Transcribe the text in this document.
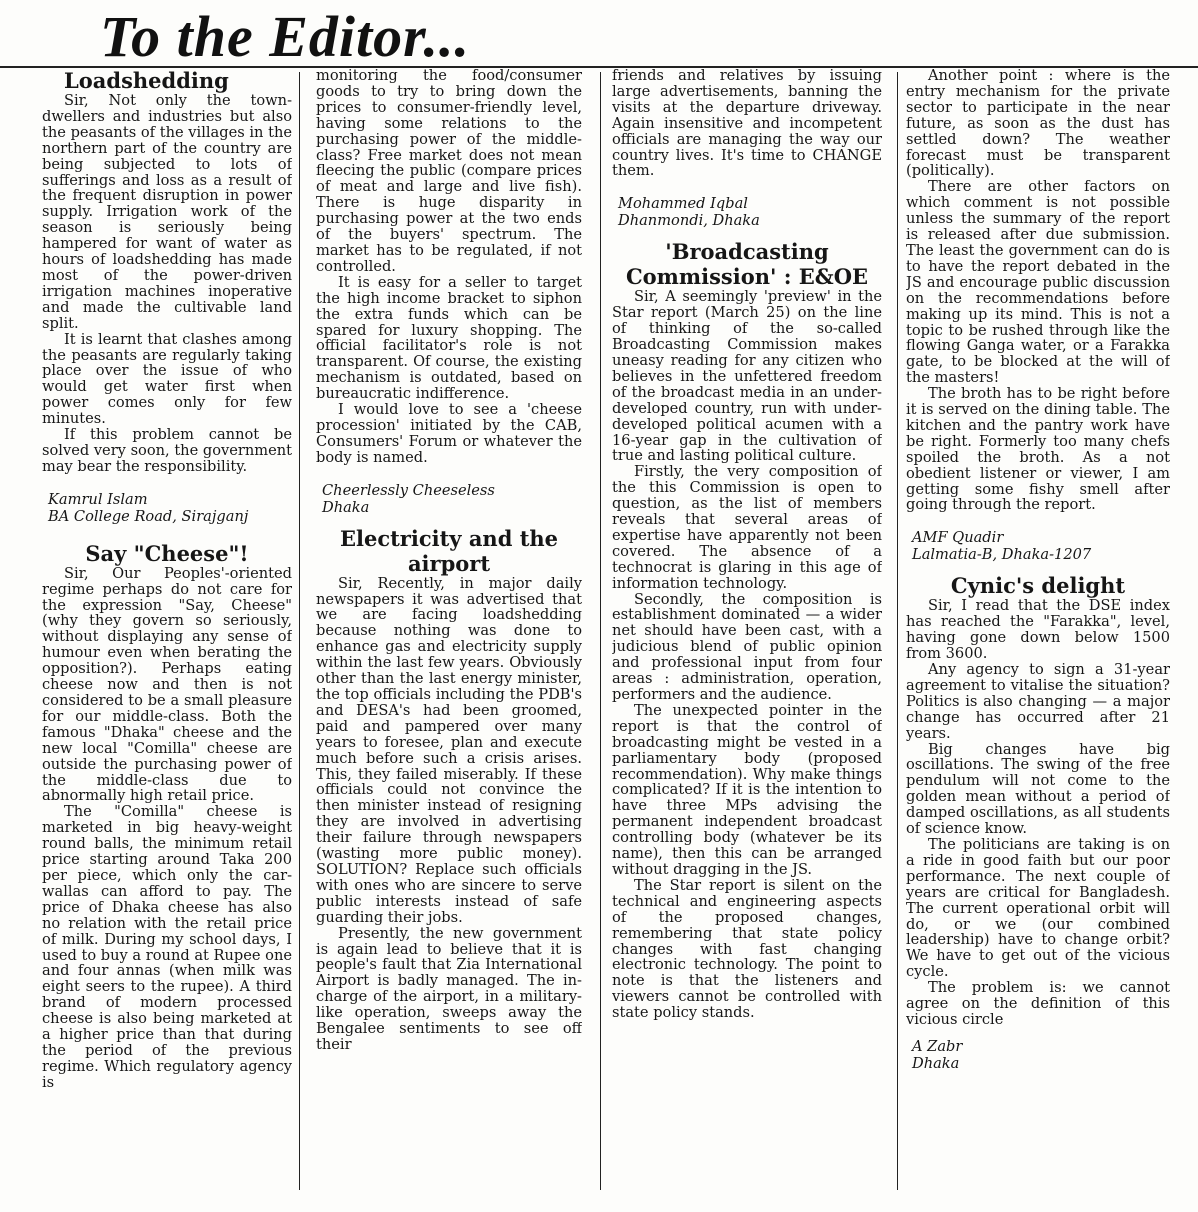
To the Editor...
Loadshedding

Sir, Not only the town-dwellers and industries but also the peasants of the villages in the northern part of the country are being subjected to lots of sufferings and loss as a result of the frequent disruption in power supply. Irrigation work of the season is seriously being hampered for want of water as hours of loadshedding has made most of the power-driven irrigation machines inoperative and made the cultivable land split.

It is learnt that clashes among the peasants are regularly taking place over the issue of who would get water first when power comes only for few minutes.

If this problem cannot be solved very soon, the government may bear the responsibility.

Kamrul Islam

BA College Road, Sirajganj

Say "Cheese"!

Sir, Our Peoples'-oriented regime perhaps do not care for the expression "Say, Cheese" (why they govern so seriously, without displaying any sense of humour even when berating the opposition?). Perhaps eating cheese now and then is not considered to be a small pleasure for our middle-class. Both the famous "Dhaka" cheese and the new local "Comilla" cheese are outside the purchasing power of the middle-class due to abnormally high retail price.

The "Comilla" cheese is marketed in big heavy-weight round balls, the minimum retail price starting around Taka 200 per piece, which only the car-wallas can afford to pay. The price of Dhaka cheese has also no relation with the retail price of milk. During my school days, I used to buy a round at Rupee one and four annas (when milk was eight seers to the rupee). A third brand of modern processed cheese is also being marketed at a higher price than that during the period of the previous regime. Which regulatory agency is

monitoring the food/consumer goods to try to bring down the prices to consumer-friendly level, having some relations to the purchasing power of the middle-class? Free market does not mean fleecing the public (compare prices of meat and large and live fish). There is huge disparity in purchasing power at the two ends of the buyers' spectrum. The market has to be regulated, if not controlled.

It is easy for a seller to target the high income bracket to siphon the extra funds which can be spared for luxury shopping. The official facilitator's role is not transparent. Of course, the existing mechanism is outdated, based on bureaucratic indifference.

I would love to see a 'cheese procession' initiated by the CAB, Consumers' Forum or whatever the body is named.

Cheerlessly Cheeseless

Dhaka

Electricity and the airport

Sir, Recently, in major daily newspapers it was advertised that we are facing loadshedding because nothing was done to enhance gas and electricity supply within the last few years. Obviously other than the last energy minister, the top officials including the PDB's and DESA's had been groomed, paid and pampered over many years to foresee, plan and execute much before such a crisis arises. This, they failed miserably. If these officials could not convince the then minister instead of resigning they are involved in advertising their failure through newspapers (wasting more public money). SOLUTION? Replace such officials with ones who are sincere to serve public interests instead of safe guarding their jobs.

Presently, the new government is again lead to believe that it is people's fault that Zia International Airport is badly managed. The in-charge of the airport, in a military-like operation, sweeps away the Bengalee sentiments to see off their

friends and relatives by issuing large advertisements, banning the visits at the departure driveway. Again insensitive and incompetent officials are managing the way our country lives. It's time to CHANGE them.

Mohammed Iqbal

Dhanmondi, Dhaka

'Broadcasting Commission' : E&OE

Sir, A seemingly 'preview' in the Star report (March 25) on the line of thinking of the so-called Broadcasting Commission makes uneasy reading for any citizen who believes in the unfettered freedom of the broadcast media in an under-developed country, run with under-developed political acumen with a 16-year gap in the cultivation of true and lasting political culture.

Firstly, the very composition of the this Commission is open to question, as the list of members reveals that several areas of expertise have apparently not been covered. The absence of a technocrat is glaring in this age of information technology.

Secondly, the composition is establishment dominated — a wider net should have been cast, with a judicious blend of public opinion and professional input from four areas : administration, operation, performers and the audience.

The unexpected pointer in the report is that the control of broadcasting might be vested in a parliamentary body (proposed recommendation). Why make things complicated? If it is the intention to have three MPs advising the permanent independent broadcast controlling body (whatever be its name), then this can be arranged without dragging in the JS.

The Star report is silent on the technical and engineering aspects of the proposed changes, remembering that state policy changes with fast changing electronic technology. The point to note is that the listeners and viewers cannot be controlled with state policy stands.

Another point : where is the entry mechanism for the private sector to participate in the near future, as soon as the dust has settled down? The weather forecast must be transparent (politically).

There are other factors on which comment is not possible unless the summary of the report is released after due submission. The least the government can do is to have the report debated in the JS and encourage public discussion on the recommendations before making up its mind. This is not a topic to be rushed through like the flowing Ganga water, or a Farakka gate, to be blocked at the will of the masters!

The broth has to be right before it is served on the dining table. The kitchen and the pantry work have be right. Formerly too many chefs spoiled the broth. As a not obedient listener or viewer, I am getting some fishy smell after going through the report.

AMF Quadir

Lalmatia-B, Dhaka-1207

Cynic's delight

Sir, I read that the DSE index has reached the "Farakka", level, having gone down below 1500 from 3600.

Any agency to sign a 31-year agreement to vitalise the situation? Politics is also changing — a major change has occurred after 21 years.

Big changes have big oscillations. The swing of the free pendulum will not come to the golden mean without a period of damped oscillations, as all students of science know.

The politicians are taking is on a ride in good faith but our poor performance. The next couple of years are critical for Bangladesh. The current operational orbit will do, or we (our combined leadership) have to change orbit? We have to get out of the vicious cycle.

The problem is: we cannot agree on the definition of this vicious circle

A Zabr

Dhaka
